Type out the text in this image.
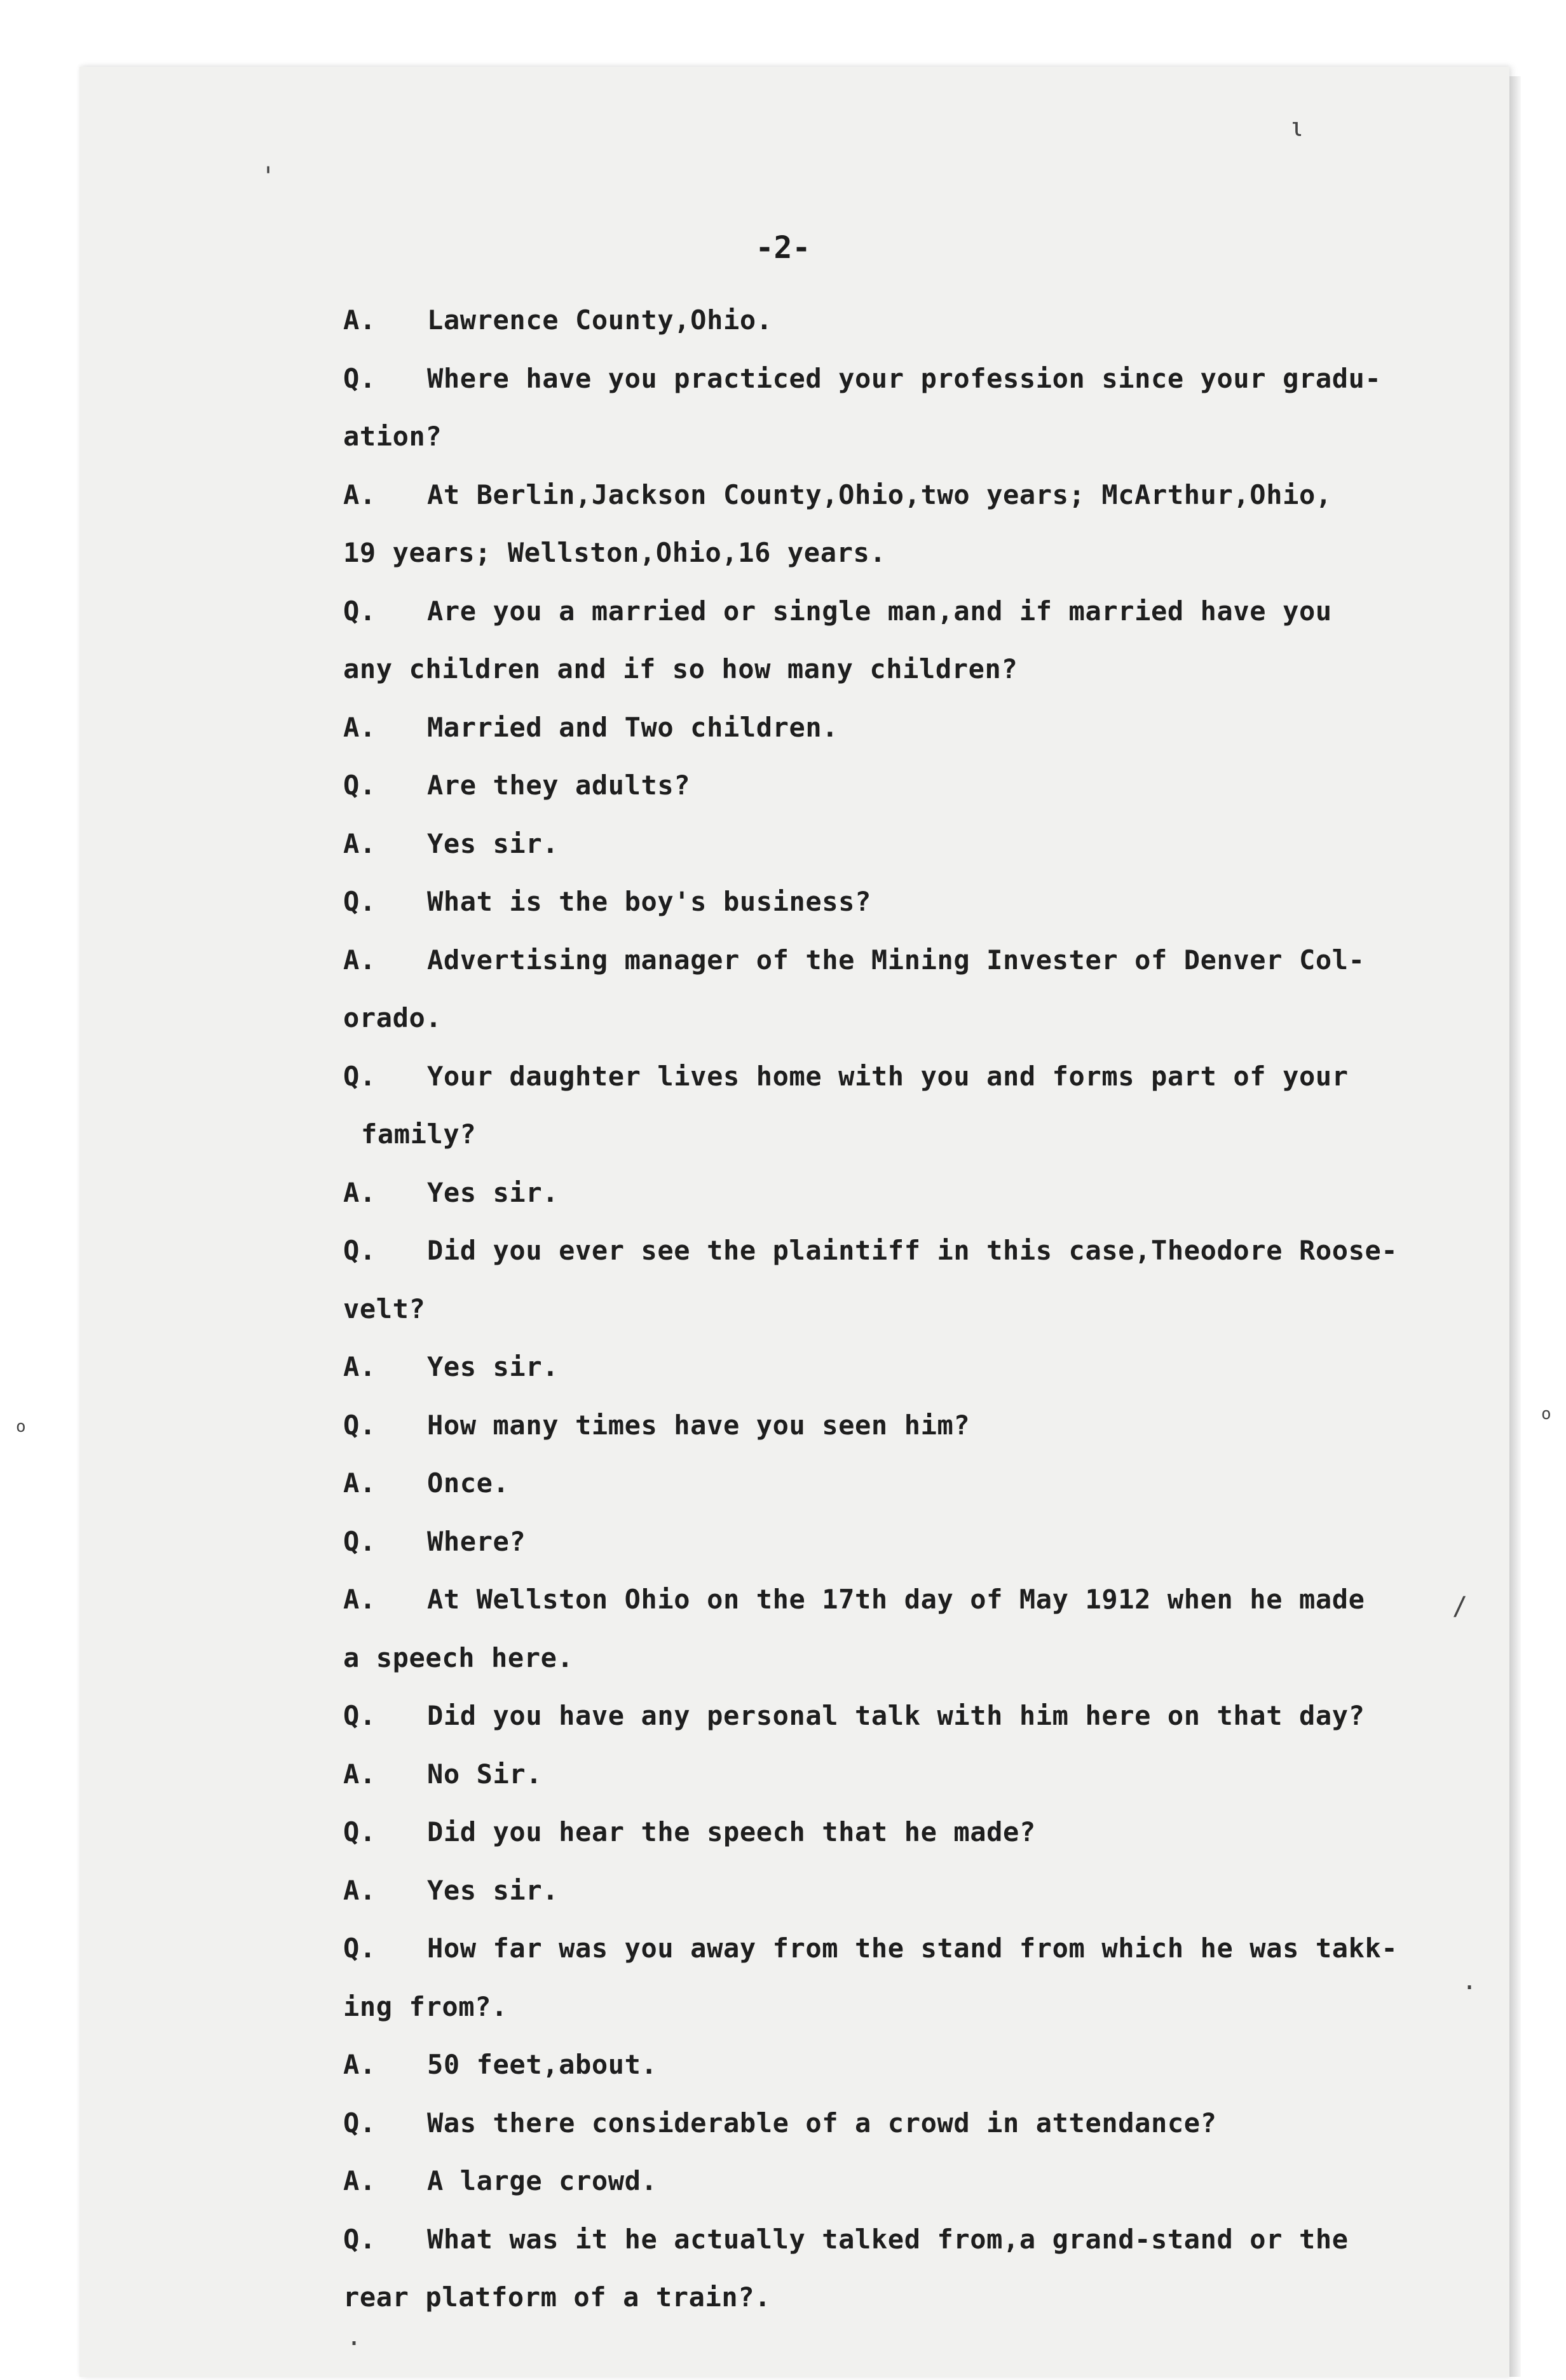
'
ι
o
o
/
·
·
-2-
A.	Lawrence County,Ohio.
Q.	Where have you practiced your profession since your gradu-
ation?
A.	At Berlin,Jackson County,Ohio,two years; McArthur,Ohio,
19 years; Wellston,Ohio,16 years.
Q.	Are you a married or single man,and if married have you
any children and if so how many children?
A.	Married and Two children.
Q.	Are they adults?
A.	Yes sir.
Q.	What is the boy's business?
A.	Advertising manager of the Mining Invester of Denver Col-
orado.
Q.	Your daughter lives home with you and forms part of your
family?
A.	Yes sir.
Q.	Did you ever see the plaintiff in this case,Theodore Roose-
velt?
A.	Yes sir.
Q.	How many times have you seen him?
A.	Once.
Q.	Where?
A.	At Wellston Ohio on the 17th day of May 1912 when he made
a speech here.
Q.	Did you have any personal talk with him here on that day?
A.	No Sir.
Q.	Did you hear the speech that he made?
A.	Yes sir.
Q.	How far was you away from the stand from which he was takk-
ing from?.
A.	50 feet,about.
Q.	Was there considerable of a crowd in attendance?
A.	A large crowd.
Q.	What was it he actually talked from,a grand-stand or the
rear platform of a train?.
